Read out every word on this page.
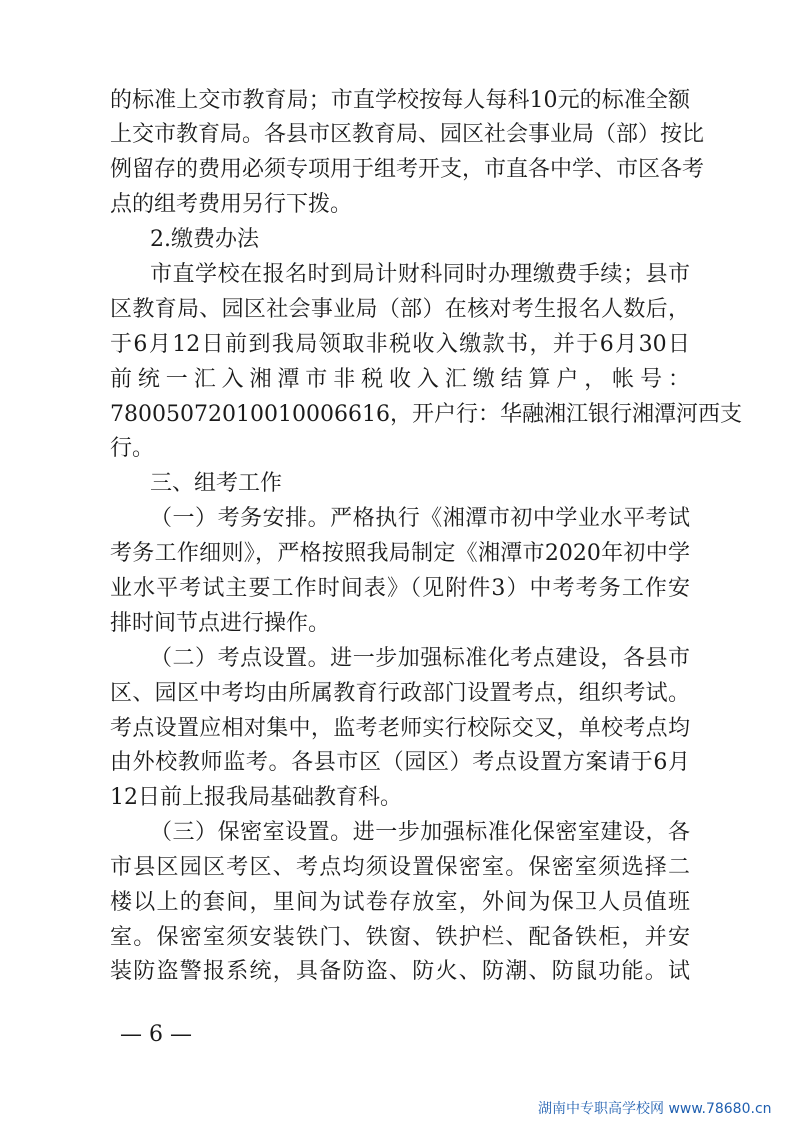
的标准上交市教育局；市直学校按每人每科10元的标准全额
上交市教育局。各县市区教育局、园区社会事业局（部）按比
例留存的费用必须专项用于组考开支，市直各中学、市区各考
点的组考费用另行下拨。
2.缴费办法
市直学校在报名时到局计财科同时办理缴费手续；县市
区教育局、园区社会事业局（部）在核对考生报名人数后，
于6月12日前到我局领取非税收入缴款书，并于6月30日
前统一汇入湘潭市非税收入汇缴结算户，帐号：
78005072010010006616，开户行：华融湘江银行湘潭河西支
行。
三、组考工作
（一）考务安排。严格执行《湘潭市初中学业水平考试
考务工作细则》，严格按照我局制定《湘潭市2020年初中学
业水平考试主要工作时间表》（见附件3）中考考务工作安
排时间节点进行操作。
（二）考点设置。进一步加强标准化考点建设，各县市
区、园区中考均由所属教育行政部门设置考点，组织考试。
考点设置应相对集中，监考老师实行校际交叉，单校考点均
由外校教师监考。各县市区（园区）考点设置方案请于6月
12日前上报我局基础教育科。
（三）保密室设置。进一步加强标准化保密室建设，各
市县区园区考区、考点均须设置保密室。保密室须选择二
楼以上的套间，里间为试卷存放室，外间为保卫人员值班
室。保密室须安装铁门、铁窗、铁护栏、配备铁柜，并安
装防盗警报系统，具备防盗、防火、防潮、防鼠功能。试
— 6 —
湖南中专职高学校网 www.78680.cn
